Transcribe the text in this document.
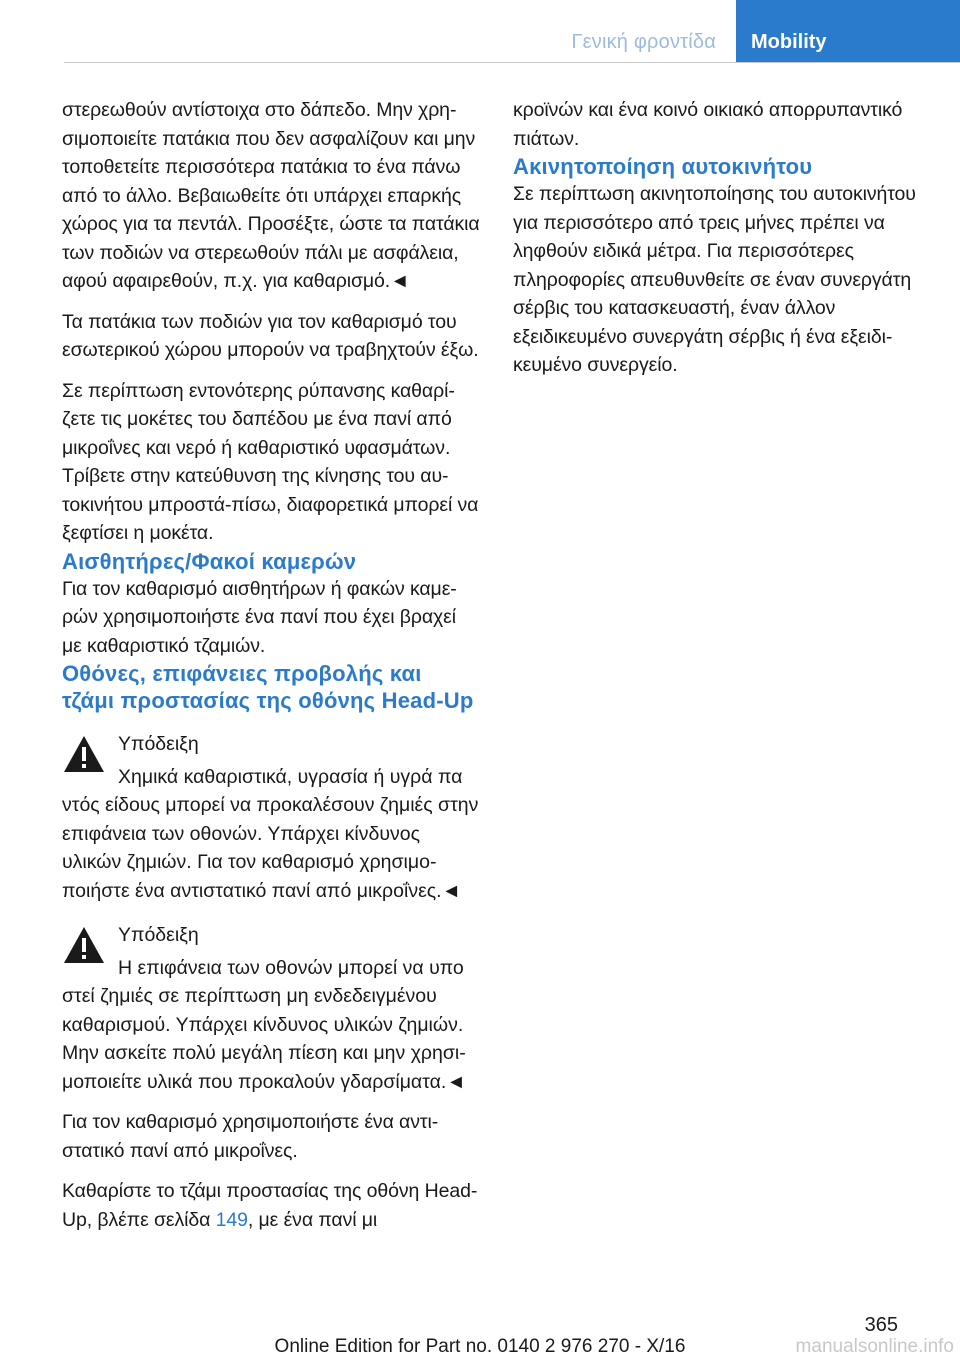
Γενική φροντίδα	Mobility

στερεωθούν αντίστοιχα στο δάπεδο. Μην χρησιμοποιείτε πατάκια που δεν ασφαλίζουν και μην τοποθετείτε περισσότερα πατάκια το ένα πάνω από το άλλο. Βεβαιωθείτε ότι υπάρχει επαρκής χώρος για τα πεντάλ. Προσέξτε, ώστε τα πατάκια των ποδιών να στερεωθούν πάλι με ασφάλεια, αφού αφαιρεθούν, π.χ. για καθαρισμό.◄

Τα πατάκια των ποδιών για τον καθαρισμό του εσωτερικού χώρου μπορούν να τραβηχτούν έξω.

Σε περίπτωση εντονότερης ρύπανσης καθαρίζετε τις μοκέτες του δαπέδου με ένα πανί από μικροΐνες και νερό ή καθαριστικό υφασμάτων. Τρίβετε στην κατεύθυνση της κίνησης του αυτοκινήτου μπροστά-πίσω, διαφορετικά μπορεί να ξεφτίσει η μοκέτα.

Αισθητήρες/Φακοί καμερών

Για τον καθαρισμό αισθητήρων ή φακών καμερών χρησιμοποιήστε ένα πανί που έχει βραχεί με καθαριστικό τζαμιών.

Οθόνες, επιφάνειες προβολής και τζάμι προστασίας της οθόνης Head-Up

Υπόδειξη

Χημικά καθαριστικά, υγρασία ή υγρά πα

ντός είδους μπορεί να προκαλέσουν ζημιές στην επιφάνεια των οθονών. Υπάρχει κίνδυνος υλικών ζημιών. Για τον καθαρισμό χρησιμοποιήστε ένα αντιστατικό πανί από μικροΐνες.◄

Υπόδειξη

Η επιφάνεια των οθονών μπορεί να υπο

στεί ζημιές σε περίπτωση μη ενδεδειγμένου καθαρισμού. Υπάρχει κίνδυνος υλικών ζημιών. Μην ασκείτε πολύ μεγάλη πίεση και μην χρησιμοποιείτε υλικά που προκαλούν γδαρσίματα.◄

Για τον καθαρισμό χρησιμοποιήστε ένα αντιστατικό πανί από μικροΐνες.

Καθαρίστε το τζάμι προστασίας της οθόνη Head-Up, βλέπε σελίδα 149, με ένα πανί μι

κροϊνών και ένα κοινό οικιακό απορρυπαντικό πιάτων.

Ακινητοποίηση αυτοκινήτου

Σε περίπτωση ακινητοποίησης του αυτοκινήτου για περισσότερο από τρεις μήνες πρέπει να ληφθούν ειδικά μέτρα. Για περισσότερες πληροφορίες απευθυνθείτε σε έναν συνεργάτη σέρβις του κατασκευαστή, έναν άλλον εξειδικευμένο συνεργάτη σέρβις ή ένα εξειδικευμένο συνεργείο.

365
Online Edition for Part no. 0140 2 976 270 - X/16	manualsonline.info
